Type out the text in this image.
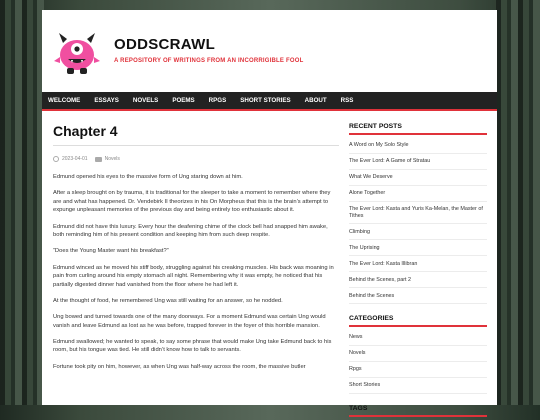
ODDSCRAWL
A REPOSITORY OF WRITINGS FROM AN INCORRIGIBLE FOOL
WELCOME	ESSAYS	NOVELS	POEMS	RPGS	SHORT STORIES	ABOUT	RSS
Chapter 4
2023-04-01	Novels

Edmund opened his eyes to the massive form of Ung staring down at him.

After a sleep brought on by trauma, it is traditional for the sleeper to take a moment to remember where they are and what has happened. Dr. Vendebirk II theorizes in his On Morpheus that this is the brain’s attempt to expunge unpleasant memories of the previous day and being entirely too enthusiastic about it.

Edmund did not have this luxury. Every hour the deafening chime of the clock bell had snapped him awake, both reminding him of his present condition and keeping him from such deep respite.

“Does the Young Master want his breakfast?”

Edmund winced as he moved his stiff body, struggling against his creaking muscles. His back was moaning in pain from curling around his empty stomach all night. Remembering why it was empty, he noticed that his partially digested dinner had vanished from the floor where he had left it.

At the thought of food, he remembered Ung was still waiting for an answer, so he nodded.

Ung bowed and turned towards one of the many doorways. For a moment Edmund was certain Ung would vanish and leave Edmund as lost as he was before, trapped forever in the foyer of this horrible mansion.

Edmund swallowed; he wanted to speak, to say some phrase that would make Ung take Edmund back to his room, but his tongue was tied. He still didn’t know how to talk to servants.

Fortune took pity on him, however, as when Ung was half-way across the room, the massive butler

RECENT POSTS
A Word on My Solo Style
The Ever Lord: A Game of Stratau
What We Deserve
Alone Together
The Ever Lord: Kasta and Yuris Ka-Melan, the Master of Tithes
Climbing
The Uprising
The Ever Lord: Kasta Illibran
Behind the Scenes, part 2
Behind the Scenes
CATEGORIES
News
Novels
Rpgs
Short Stories
TAGS
